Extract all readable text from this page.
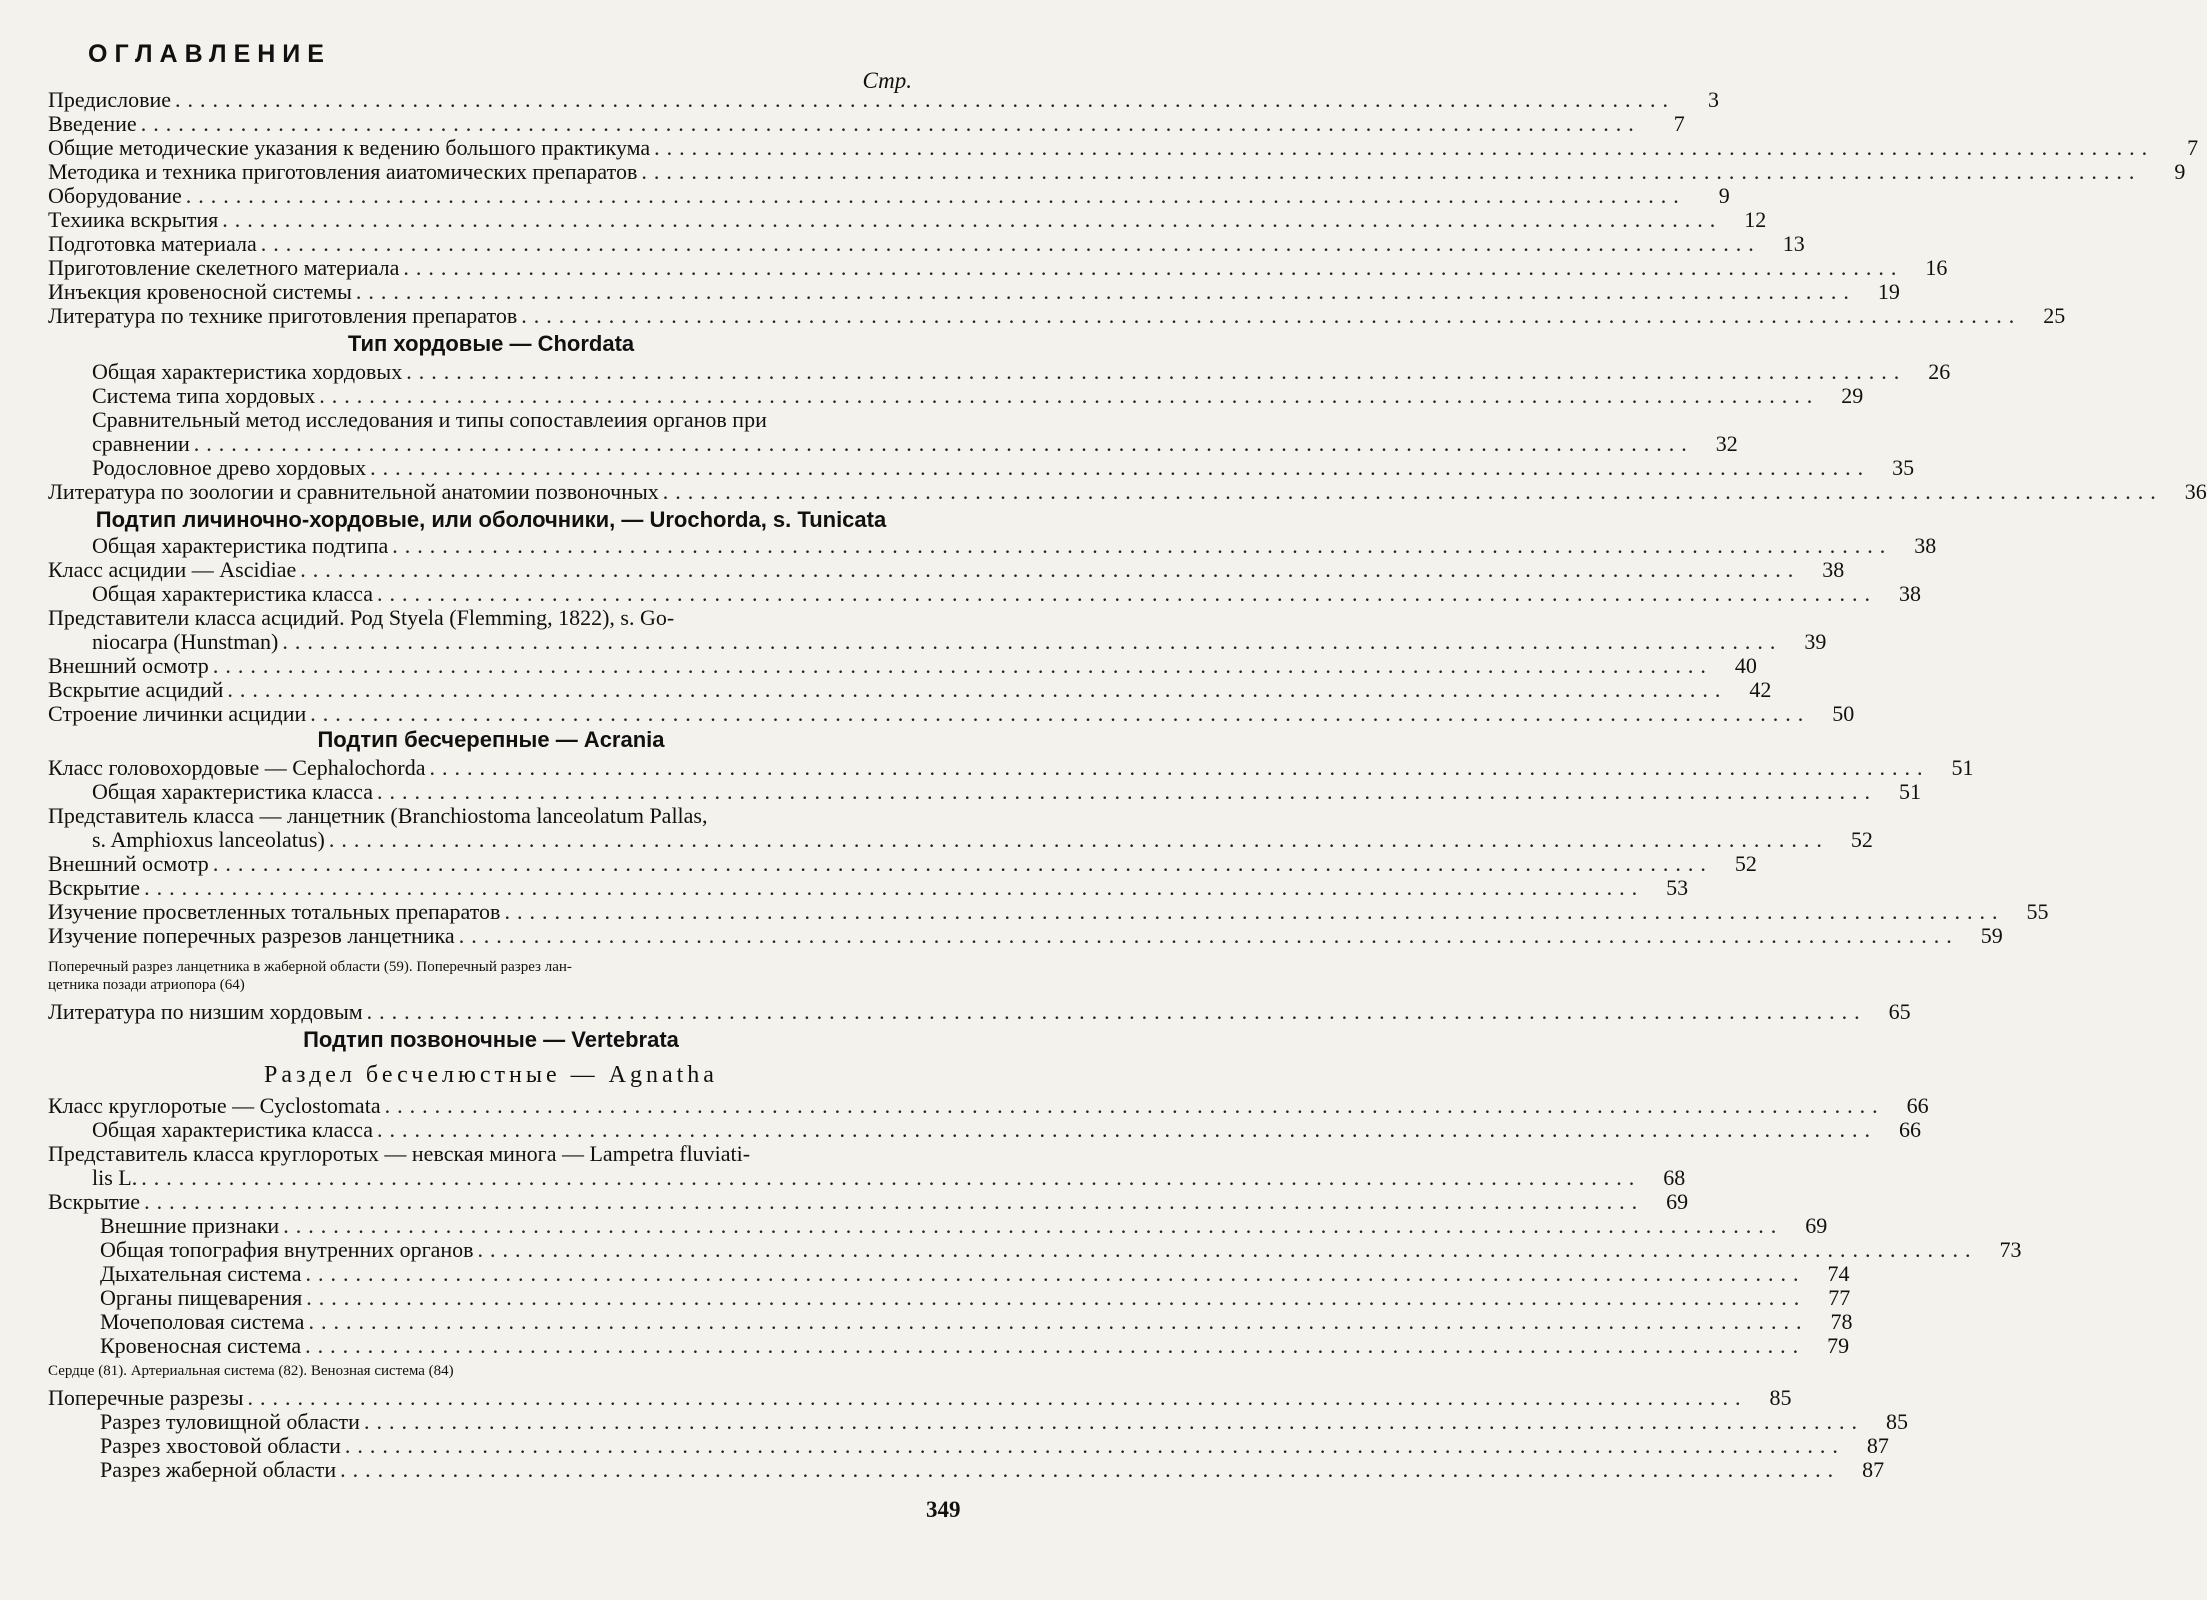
ОГЛАВЛЕНИЕ
Стр.
Предисловие ........................................................................................................................	3
Введение ........................................................................................................................	7
Общие методические указания к ведению большого практикума ........................................................................................................................	7
Методика и техника приготовления аиатомических препаратов ........................................................................................................................	9
Оборудование ........................................................................................................................	9
Техиика вскрытия ........................................................................................................................	12
Подготовка материала ........................................................................................................................	13
Приготовление скелетного материала ........................................................................................................................	16
Инъекция кровеносной системы ........................................................................................................................	19
Литература по технике приготовления препаратов ........................................................................................................................	25
Тип хордовые — Chordata
Общая характеристика хордовых ........................................................................................................................	26
Система типа хордовых ........................................................................................................................	29
Сравнительный метод исследования и типы сопоставлеиия органов при
сравнении ........................................................................................................................	32
Родословное древо хордовых ........................................................................................................................	35
Литература по зоологии и сравнительной анатомии позвоночных ........................................................................................................................	36
Подтип личиночно-хордовые, или оболочники, — Urochorda, s. Tunicata
Общая характеристика подтипа ........................................................................................................................	38
Класс асцидии — Ascidiae ........................................................................................................................	38
Общая характеристика класса ........................................................................................................................	38
Представители класса асцидий. Род Styela (Flemming, 1822), s. Go-
niocarpa (Hunstman) ........................................................................................................................	39
Внешний осмотр ........................................................................................................................	40
Вскрытие асцидий ........................................................................................................................	42
Строение личинки асцидии ........................................................................................................................	50
Подтип бесчерепные — Acrania
Класс головохордовые — Cephalochorda ........................................................................................................................	51
Общая характеристика класса ........................................................................................................................	51
Представитель класса — ланцетник (Branchiostoma lanceolatum Pallas,
s. Amphioxus lanceolatus) ........................................................................................................................	52
Внешний осмотр ........................................................................................................................	52
Вскрытие ........................................................................................................................	53
Изучение просветленных тотальных препаратов ........................................................................................................................	55
Изучение поперечных разрезов ланцетника ........................................................................................................................	59
Поперечный разрез ланцетника в жаберной области (59). Поперечный разрез лан-
цетника позади атриопора (64)
Литература по низшим хордовым ........................................................................................................................	65
Подтип позвоночные — Vertebrata
Раздел бесчелюстные — Agnatha
Класс круглоротые — Cyclostomata ........................................................................................................................	66
Общая характеристика класса ........................................................................................................................	66
Представитель класса круглоротых — невская минога — Lampetra fluviati-
lis L. ........................................................................................................................	68
Вскрытие ........................................................................................................................	69
Внешние признаки ........................................................................................................................	69
Общая топография внутренних органов ........................................................................................................................	73
Дыхательная система ........................................................................................................................	74
Органы пищеварения ........................................................................................................................	77
Мочеполовая система ........................................................................................................................	78
Кровеносная система ........................................................................................................................	79
Сердце (81). Артериальная система (82). Венозная система (84)
Поперечные разрезы ........................................................................................................................	85
Разрез туловищной области ........................................................................................................................	85
Разрез хвостовой области ........................................................................................................................	87
Разрез жаберной области ........................................................................................................................	87
349
